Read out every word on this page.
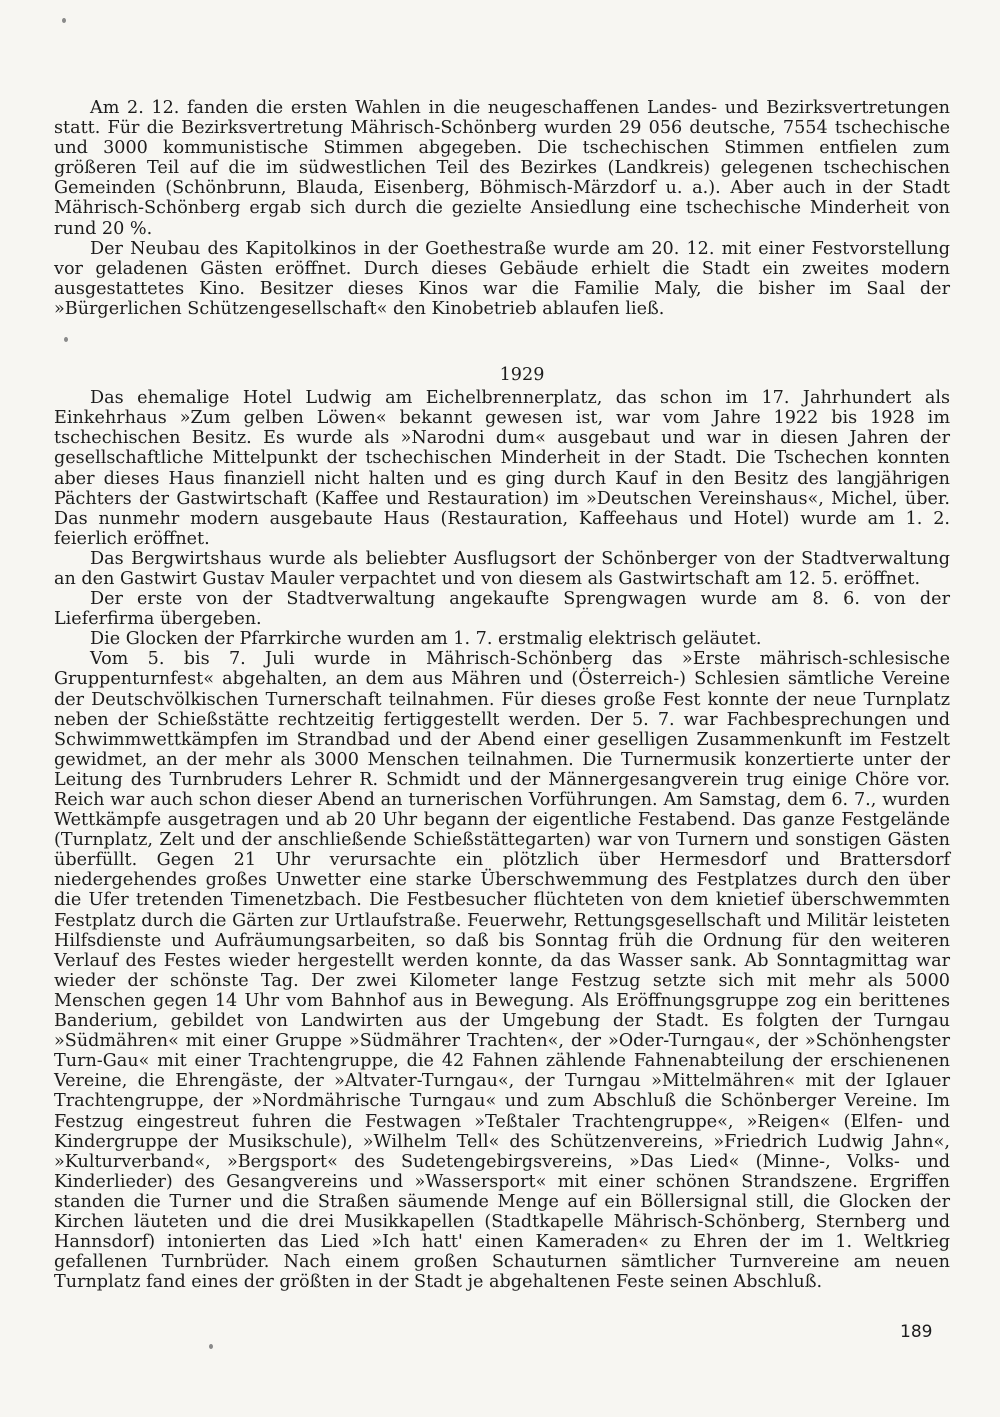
Am 2. 12. fanden die ersten Wahlen in die neugeschaffenen Landes- und Bezirksvertretungen statt. Für die Bezirksvertretung Mährisch-Schönberg wurden 29 056 deutsche, 7554 tschechische und 3000 kommunistische Stimmen abgegeben. Die tschechischen Stimmen entfielen zum größeren Teil auf die im südwestlichen Teil des Bezirkes (Landkreis) gelegenen tschechischen Gemeinden (Schönbrunn, Blauda, Eisenberg, Böhmisch-Märzdorf u. a.). Aber auch in der Stadt Mährisch-Schönberg ergab sich durch die gezielte Ansiedlung eine tschechische Minderheit von rund 20 %.

Der Neubau des Kapitolkinos in der Goethestraße wurde am 20. 12. mit einer Festvorstellung vor geladenen Gästen eröffnet. Durch dieses Gebäude erhielt die Stadt ein zweites modern ausgestattetes Kino. Besitzer dieses Kinos war die Familie Maly, die bisher im Saal der »Bürgerlichen Schützengesellschaft« den Kinobetrieb ablaufen ließ.

1929

Das ehemalige Hotel Ludwig am Eichelbrennerplatz, das schon im 17. Jahrhundert als Einkehrhaus »Zum gelben Löwen« bekannt gewesen ist, war vom Jahre 1922 bis 1928 im tschechischen Besitz. Es wurde als »Narodni dum« ausgebaut und war in diesen Jahren der gesellschaftliche Mittelpunkt der tschechischen Minderheit in der Stadt. Die Tschechen konnten aber dieses Haus finanziell nicht halten und es ging durch Kauf in den Besitz des langjährigen Pächters der Gastwirtschaft (Kaffee und Restauration) im »Deutschen Vereinshaus«, Michel, über. Das nunmehr modern ausgebaute Haus (Restauration, Kaffeehaus und Hotel) wurde am 1. 2. feierlich eröffnet.

Das Bergwirtshaus wurde als beliebter Ausflugsort der Schönberger von der Stadtverwaltung an den Gastwirt Gustav Mauler verpachtet und von diesem als Gastwirtschaft am 12. 5. eröffnet.

Der erste von der Stadtverwaltung angekaufte Sprengwagen wurde am 8. 6. von der Lieferfirma übergeben.

Die Glocken der Pfarrkirche wurden am 1. 7. erstmalig elektrisch geläutet.

Vom 5. bis 7. Juli wurde in Mährisch-Schönberg das »Erste mährisch-schlesische Gruppenturnfest« abgehalten, an dem aus Mähren und (Österreich-) Schlesien sämtliche Vereine der Deutschvölkischen Turnerschaft teilnahmen. Für dieses große Fest konnte der neue Turnplatz neben der Schießstätte rechtzeitig fertiggestellt werden. Der 5. 7. war Fachbesprechungen und Schwimmwettkämpfen im Strandbad und der Abend einer geselligen Zusammenkunft im Festzelt gewidmet, an der mehr als 3000 Menschen teilnahmen. Die Turnermusik konzertierte unter der Leitung des Turnbruders Lehrer R. Schmidt und der Männergesangverein trug einige Chöre vor. Reich war auch schon dieser Abend an turnerischen Vorführungen. Am Samstag, dem 6. 7., wurden Wettkämpfe ausgetragen und ab 20 Uhr begann der eigentliche Festabend. Das ganze Festgelände (Turnplatz, Zelt und der anschließende Schießstättegarten) war von Turnern und sonstigen Gästen überfüllt. Gegen 21 Uhr verursachte ein plötzlich über Hermesdorf und Brattersdorf niedergehendes großes Unwetter eine starke Überschwemmung des Festplatzes durch den über die Ufer tretenden Timenetzbach. Die Festbesucher flüchteten von dem knietief überschwemmten Festplatz durch die Gärten zur Urtlaufstraße. Feuerwehr, Rettungsgesellschaft und Militär leisteten Hilfsdienste und Aufräumungsarbeiten, so daß bis Sonntag früh die Ordnung für den weiteren Verlauf des Festes wieder hergestellt werden konnte, da das Wasser sank. Ab Sonntagmittag war wieder der schönste Tag. Der zwei Kilometer lange Festzug setzte sich mit mehr als 5000 Menschen gegen 14 Uhr vom Bahnhof aus in Bewegung. Als Eröffnungsgruppe zog ein berittenes Banderium, gebildet von Landwirten aus der Umgebung der Stadt. Es folgten der Turngau »Südmähren« mit einer Gruppe »Südmährer Trachten«, der »Oder-Turngau«, der »Schönhengster Turn-Gau« mit einer Trachtengruppe, die 42 Fahnen zählende Fahnenabteilung der erschienenen Vereine, die Ehrengäste, der »Altvater-Turngau«, der Turngau »Mittelmähren« mit der Iglauer Trachtengruppe, der »Nordmährische Turngau« und zum Abschluß die Schönberger Vereine. Im Festzug eingestreut fuhren die Festwagen »Teßtaler Trachtengruppe«, »Reigen« (Elfen- und Kindergruppe der Musikschule), »Wilhelm Tell« des Schützenvereins, »Friedrich Ludwig Jahn«, »Kulturverband«, »Bergsport« des Sudetengebirgsvereins, »Das Lied« (Minne-, Volks- und Kinderlieder) des Gesangvereins und »Wassersport« mit einer schönen Strandszene. Ergriffen standen die Turner und die Straßen säumende Menge auf ein Böllersignal still, die Glocken der Kirchen läuteten und die drei Musikkapellen (Stadtkapelle Mährisch-Schönberg, Sternberg und Hannsdorf) intonierten das Lied »Ich hatt' einen Kameraden« zu Ehren der im 1. Weltkrieg gefallenen Turnbrüder. Nach einem großen Schauturnen sämtlicher Turnvereine am neuen Turnplatz fand eines der größten in der Stadt je abgehaltenen Feste seinen Abschluß.

189
